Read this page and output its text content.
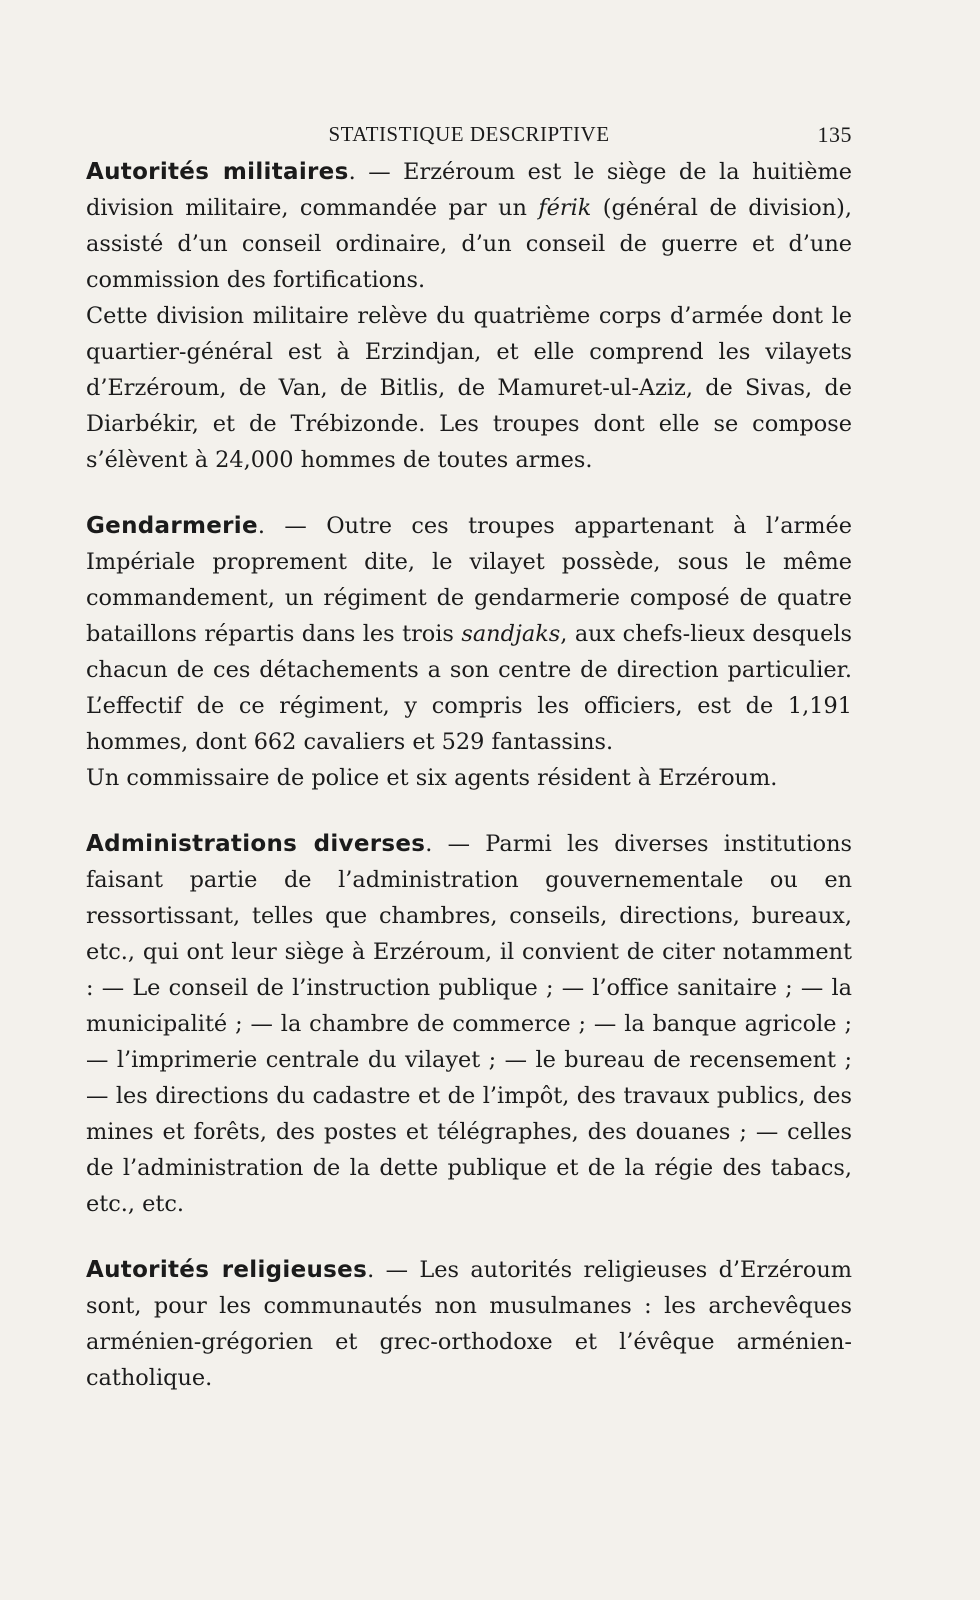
STATISTIQUE DESCRIPTIVE	135

Autorités militaires. — Erzéroum est le siège de la huitième division militaire, commandée par un férik (général de division), assisté d’un conseil ordinaire, d’un conseil de guerre et d’une commission des fortifications.

Cette division militaire relève du quatrième corps d’armée dont le quartier-général est à Erzindjan, et elle comprend les vilayets d’Erzéroum, de Van, de Bitlis, de Mamuret-ul-Aziz, de Sivas, de Diarbékir, et de Trébizonde. Les troupes dont elle se compose s’élèvent à 24,000 hommes de toutes armes.

Gendarmerie. — Outre ces troupes appartenant à l’armée Impériale proprement dite, le vilayet possède, sous le même commandement, un régiment de gendarmerie composé de quatre bataillons répartis dans les trois sandjaks, aux chefs-lieux desquels chacun de ces détachements a son centre de direction particulier. L’effectif de ce régiment, y compris les officiers, est de 1,191 hommes, dont 662 cavaliers et 529 fantassins.

Un commissaire de police et six agents résident à Erzéroum.

Administrations diverses. — Parmi les diverses institutions faisant partie de l’administration gouvernementale ou en ressortissant, telles que chambres, conseils, directions, bureaux, etc., qui ont leur siège à Erzéroum, il convient de citer notamment : — Le conseil de l’instruction publique ; — l’office sanitaire ; — la municipalité ; — la chambre de commerce ; — la banque agricole ; — l’imprimerie centrale du vilayet ; — le bureau de recensement ; — les directions du cadastre et de l’impôt, des travaux publics, des mines et forêts, des postes et télégraphes, des douanes ; — celles de l’administration de la dette publique et de la régie des tabacs, etc., etc.

Autorités religieuses. — Les autorités religieuses d’Erzéroum sont, pour les communautés non musulmanes : les archevêques arménien-grégorien et grec-orthodoxe et l’évêque arménien-catholique.
